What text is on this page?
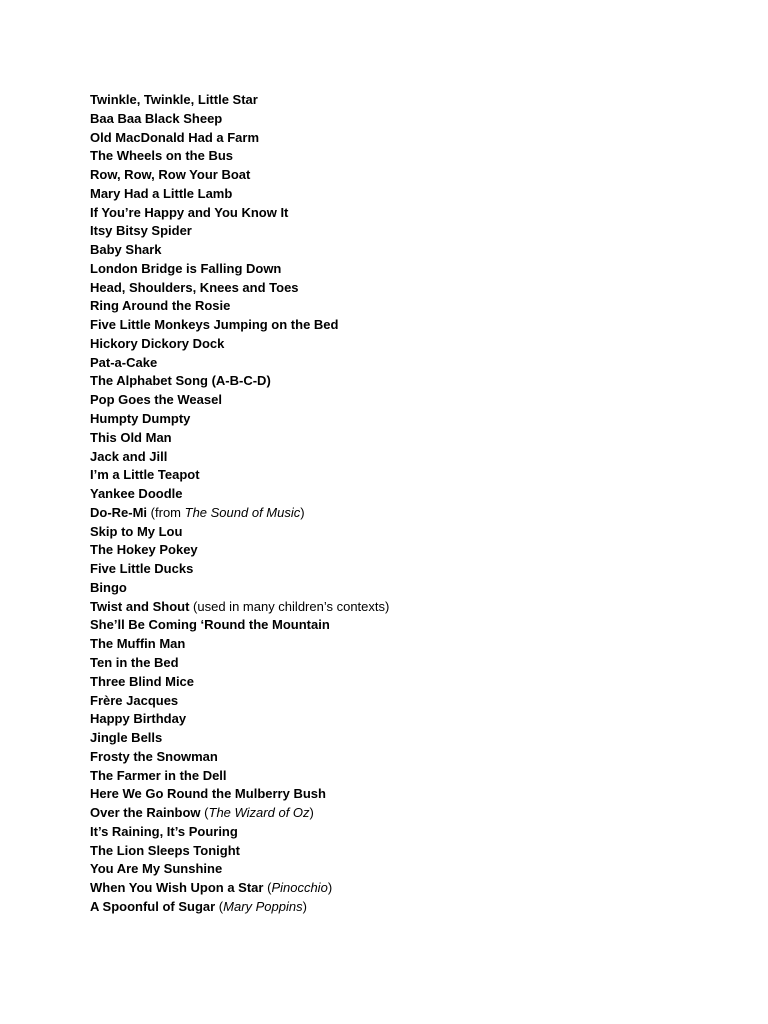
Twinkle, Twinkle, Little Star
Baa Baa Black Sheep
Old MacDonald Had a Farm
The Wheels on the Bus
Row, Row, Row Your Boat
Mary Had a Little Lamb
If You’re Happy and You Know It
Itsy Bitsy Spider
Baby Shark
London Bridge is Falling Down
Head, Shoulders, Knees and Toes
Ring Around the Rosie
Five Little Monkeys Jumping on the Bed
Hickory Dickory Dock
Pat-a-Cake
The Alphabet Song (A-B-C-D)
Pop Goes the Weasel
Humpty Dumpty
This Old Man
Jack and Jill
I’m a Little Teapot
Yankee Doodle
Do-Re-Mi (from The Sound of Music)
Skip to My Lou
The Hokey Pokey
Five Little Ducks
Bingo
Twist and Shout (used in many children’s contexts)
She’ll Be Coming ‘Round the Mountain
The Muffin Man
Ten in the Bed
Three Blind Mice
Frère Jacques
Happy Birthday
Jingle Bells
Frosty the Snowman
The Farmer in the Dell
Here We Go Round the Mulberry Bush
Over the Rainbow (The Wizard of Oz)
It’s Raining, It’s Pouring
The Lion Sleeps Tonight
You Are My Sunshine
When You Wish Upon a Star (Pinocchio)
A Spoonful of Sugar (Mary Poppins)
